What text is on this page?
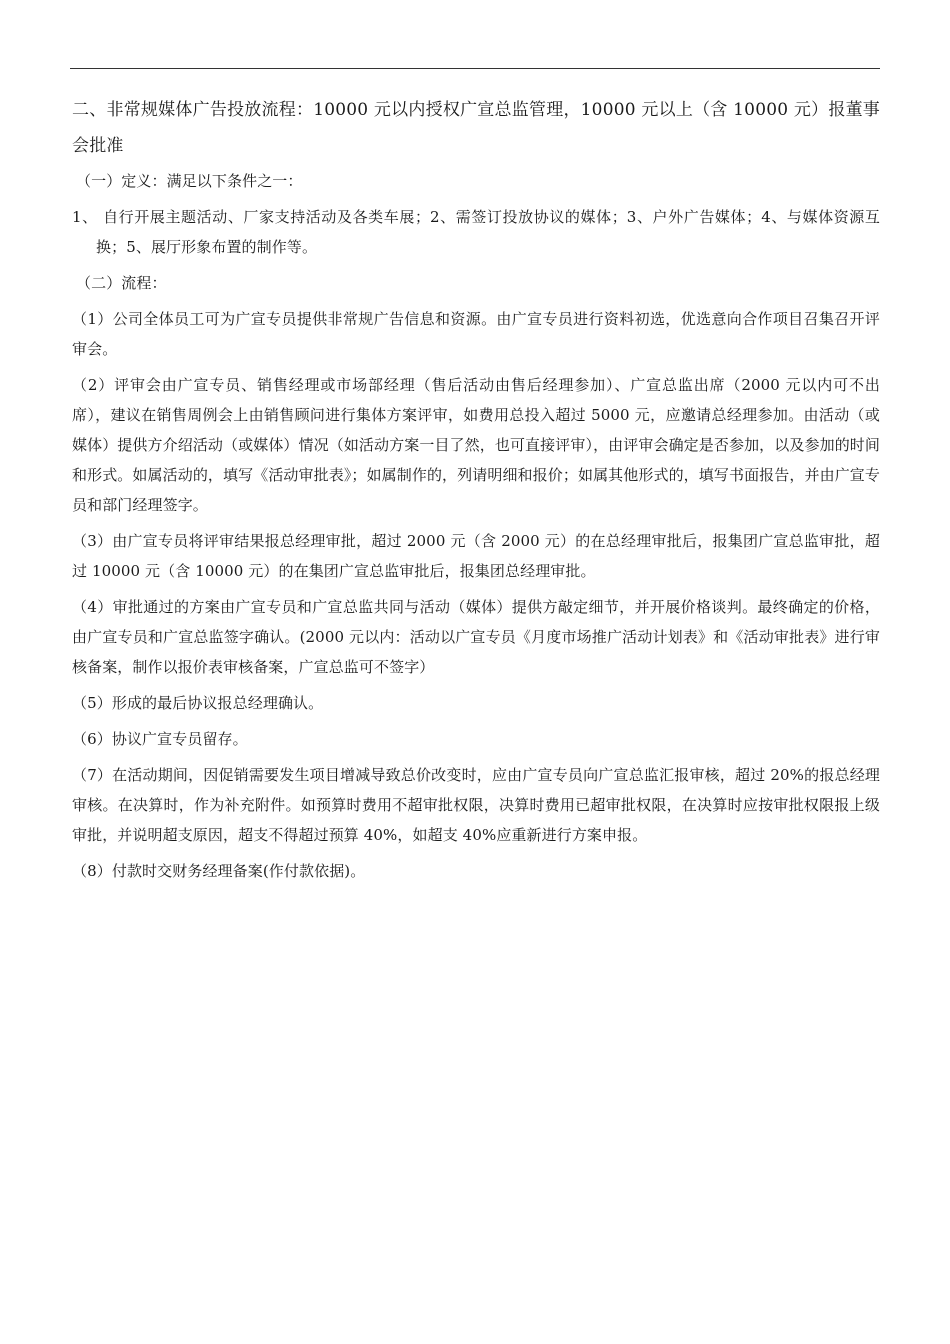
二、非常规媒体广告投放流程：10000 元以内授权广宣总监管理，10000 元以上（含 10000 元）报董事会批准

（一）定义：满足以下条件之一：

1、 自行开展主题活动、厂家支持活动及各类车展；2、需签订投放协议的媒体；3、户外广告媒体；4、与媒体资源互换；5、展厅形象布置的制作等。

（二）流程：

（1）公司全体员工可为广宣专员提供非常规广告信息和资源。由广宣专员进行资料初选，优选意向合作项目召集召开评审会。

（2）评审会由广宣专员、销售经理或市场部经理（售后活动由售后经理参加）、广宣总监出席（2000 元以内可不出席），建议在销售周例会上由销售顾问进行集体方案评审，如费用总投入超过 5000 元，应邀请总经理参加。由活动（或媒体）提供方介绍活动（或媒体）情况（如活动方案一目了然，也可直接评审），由评审会确定是否参加，以及参加的时间和形式。如属活动的，填写《活动审批表》；如属制作的，列请明细和报价；如属其他形式的，填写书面报告，并由广宣专员和部门经理签字。

（3）由广宣专员将评审结果报总经理审批，超过 2000 元（含 2000 元）的在总经理审批后，报集团广宣总监审批，超过 10000 元（含 10000 元）的在集团广宣总监审批后，报集团总经理审批。

（4）审批通过的方案由广宣专员和广宣总监共同与活动（媒体）提供方敲定细节，并开展价格谈判。最终确定的价格，由广宣专员和广宣总监签字确认。(2000 元以内：活动以广宣专员《月度市场推广活动计划表》和《活动审批表》进行审核备案，制作以报价表审核备案，广宣总监可不签字）

（5）形成的最后协议报总经理确认。

（6）协议广宣专员留存。

（7）在活动期间，因促销需要发生项目增减导致总价改变时，应由广宣专员向广宣总监汇报审核，超过 20%的报总经理审核。在决算时，作为补充附件。如预算时费用不超审批权限，决算时费用已超审批权限，在决算时应按审批权限报上级审批，并说明超支原因，超支不得超过预算 40%，如超支 40%应重新进行方案申报。

（8）付款时交财务经理备案(作付款依据)。
